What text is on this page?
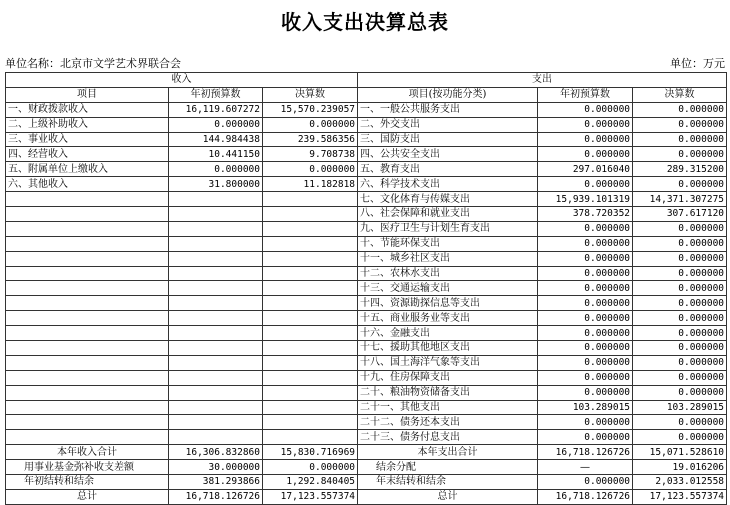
收入支出决算总表
单位名称：北京市文学艺术界联合会	单位：万元
收入			支出		
项目	年初预算数	决算数	项目(按功能分类)	年初预算数	决算数
一、财政拨款收入	16,119.607272	15,570.239057	一、一般公共服务支出	0.000000	0.000000
二、上级补助收入	0.000000	0.000000	二、外交支出	0.000000	0.000000
三、事业收入	144.984438	239.586356	三、国防支出	0.000000	0.000000
四、经营收入	10.441150	9.708738	四、公共安全支出	0.000000	0.000000
五、附属单位上缴收入	0.000000	0.000000	五、教育支出	297.016040	289.315200
六、其他收入	31.800000	11.182818	六、科学技术支出	0.000000	0.000000
			七、文化体育与传媒支出	15,939.101319	14,371.307275
			八、社会保障和就业支出	378.720352	307.617120
			九、医疗卫生与计划生育支出	0.000000	0.000000
			十、节能环保支出	0.000000	0.000000
			十一、城乡社区支出	0.000000	0.000000
			十二、农林水支出	0.000000	0.000000
			十三、交通运输支出	0.000000	0.000000
			十四、资源勘探信息等支出	0.000000	0.000000
			十五、商业服务业等支出	0.000000	0.000000
			十六、金融支出	0.000000	0.000000
			十七、援助其他地区支出	0.000000	0.000000
			十八、国土海洋气象等支出	0.000000	0.000000
			十九、住房保障支出	0.000000	0.000000
			二十、粮油物资储备支出	0.000000	0.000000
			二十一、其他支出	103.289015	103.289015
			二十二、债务还本支出	0.000000	0.000000
			二十三、债务付息支出	0.000000	0.000000
本年收入合计	16,306.832860	15,830.716969	本年支出合计	16,718.126726	15,071.528610
用事业基金弥补收支差额	30.000000	0.000000	结余分配	—	19.016206
年初结转和结余	381.293866	1,292.840405	年末结转和结余	0.000000	2,033.012558
总计	16,718.126726	17,123.557374	总计	16,718.126726	17,123.557374
